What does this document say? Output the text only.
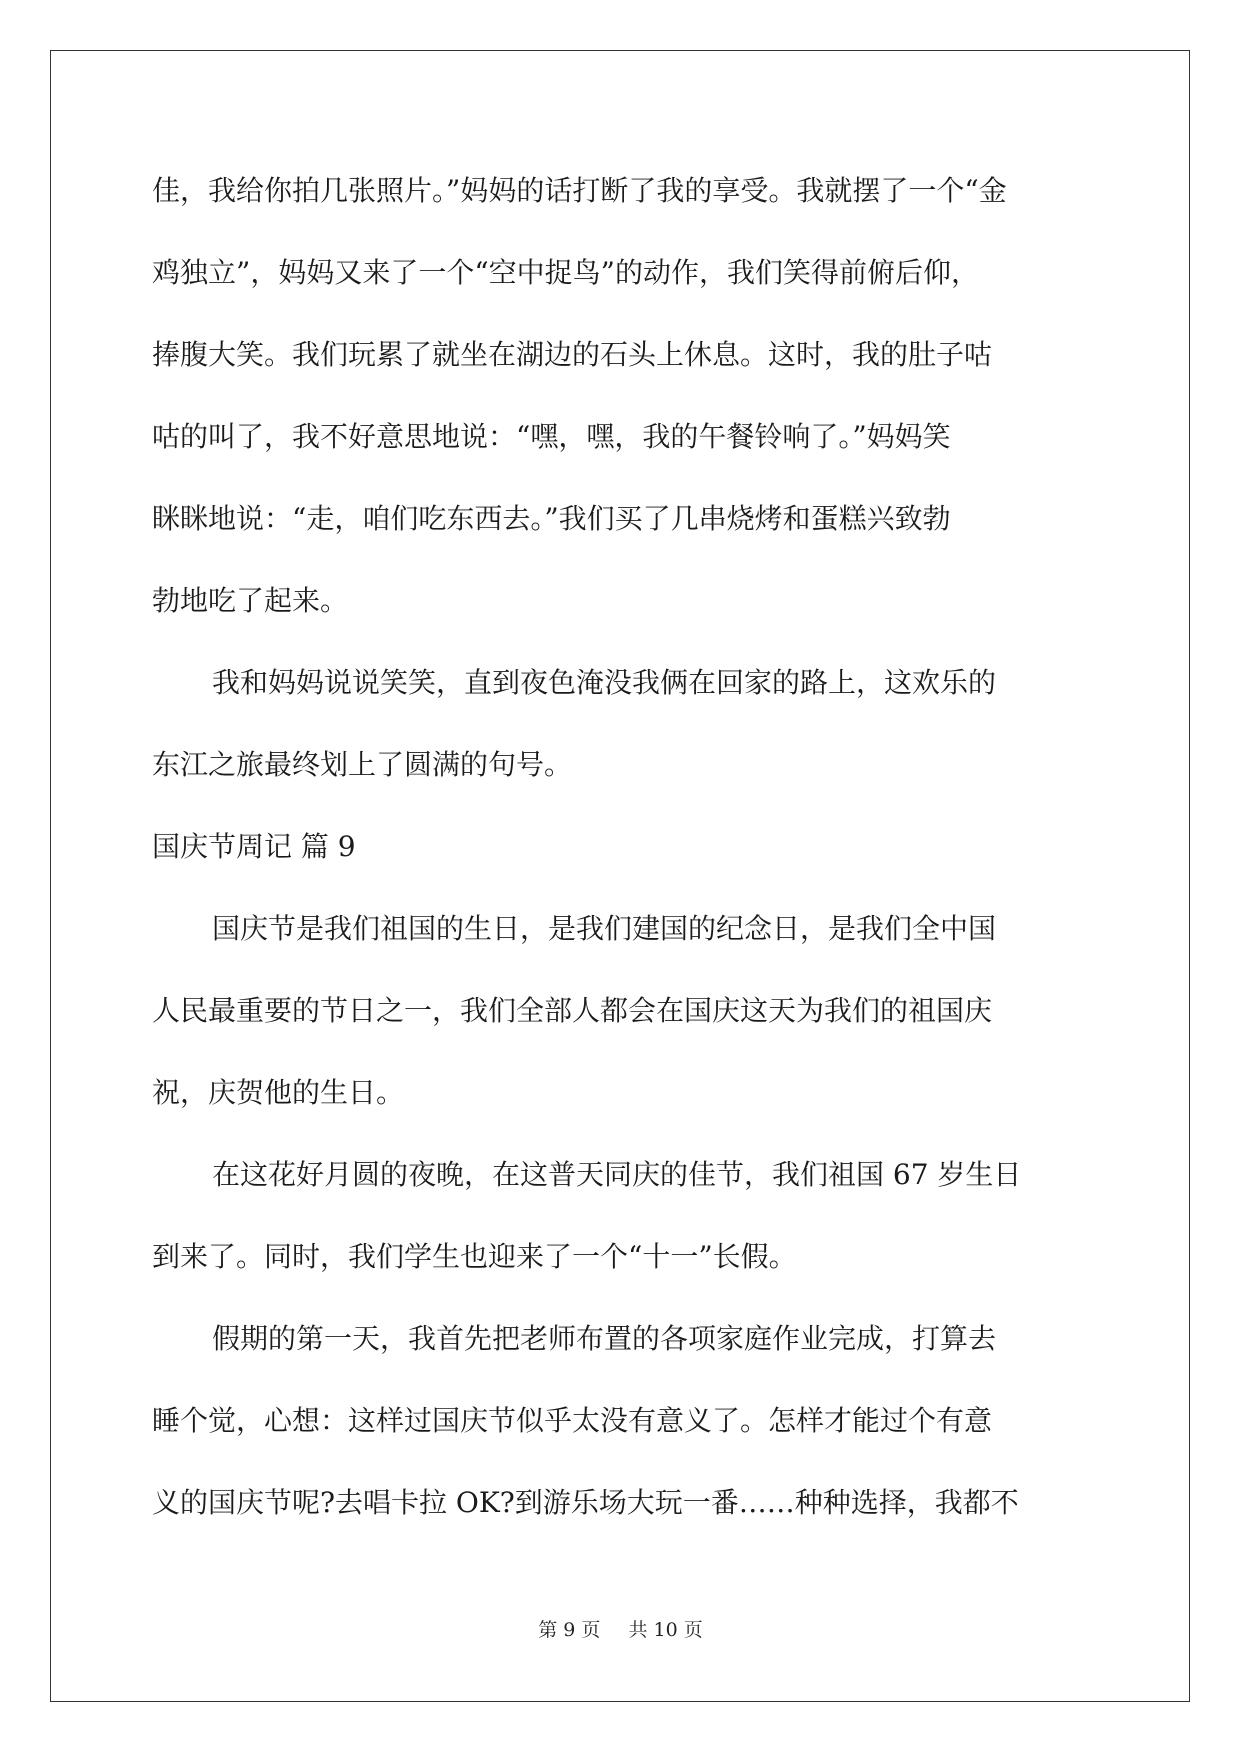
佳，我给你拍几张照片。”妈妈的话打断了我的享受。我就摆了一个“金
鸡独立”，妈妈又来了一个“空中捉鸟”的动作，我们笑得前俯后仰，
捧腹大笑。我们玩累了就坐在湖边的石头上休息。这时，我的肚子咕
咕的叫了，我不好意思地说：“嘿，嘿，我的午餐铃响了。”妈妈笑
眯眯地说：“走，咱们吃东西去。”我们买了几串烧烤和蛋糕兴致勃
勃地吃了起来。
我和妈妈说说笑笑，直到夜色淹没我俩在回家的路上，这欢乐的
东江之旅最终划上了圆满的句号。
国庆节周记 篇 9
国庆节是我们祖国的生日，是我们建国的纪念日，是我们全中国
人民最重要的节日之一，我们全部人都会在国庆这天为我们的祖国庆
祝，庆贺他的生日。
在这花好月圆的夜晚，在这普天同庆的佳节，我们祖国 67 岁生日
到来了。同时，我们学生也迎来了一个“十一”长假。
假期的第一天，我首先把老师布置的各项家庭作业完成，打算去
睡个觉，心想：这样过国庆节似乎太没有意义了。怎样才能过个有意
义的国庆节呢?去唱卡拉 OK?到游乐场大玩一番……种种选择，我都不
第 9 页 共 10 页
